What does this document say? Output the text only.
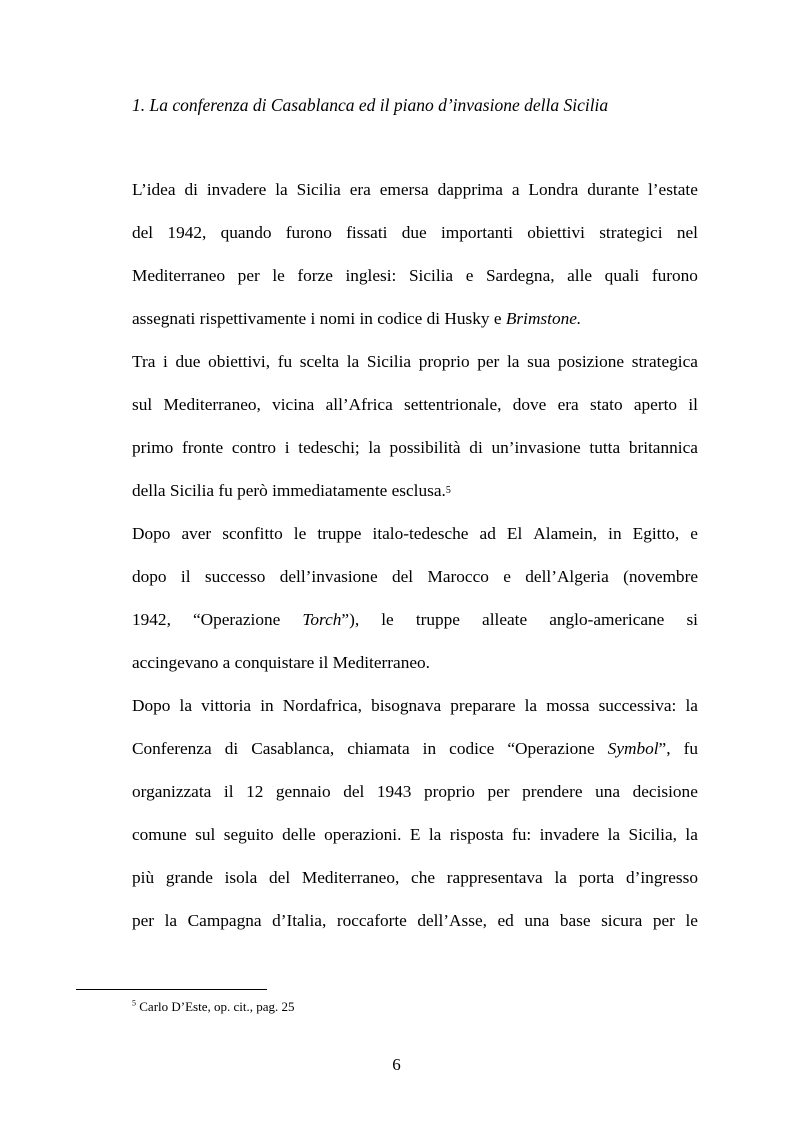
1. La conferenza di Casablanca ed il piano d’invasione della Sicilia
L’idea di invadere la Sicilia era emersa dapprima a Londra durante l’estate
del 1942, quando furono fissati due importanti obiettivi strategici nel
Mediterraneo per le forze inglesi: Sicilia e Sardegna, alle quali furono
assegnati rispettivamente i nomi in codice di Husky e Brimstone.
Tra i due obiettivi, fu scelta la Sicilia proprio per la sua posizione strategica
sul Mediterraneo, vicina all’Africa settentrionale, dove era stato aperto il
primo fronte contro i tedeschi; la possibilità di un’invasione tutta britannica
della Sicilia fu però immediatamente esclusa. 5
Dopo aver sconfitto le truppe italo-tedesche ad El Alamein, in Egitto, e
dopo il successo dell’invasione del Marocco e dell’Algeria (novembre
1942, “Operazione Torch”), le truppe alleate anglo-americane si
accingevano a conquistare il Mediterraneo.
Dopo la vittoria in Nordafrica, bisognava preparare la mossa successiva: la
Conferenza di Casablanca, chiamata in codice “Operazione Symbol”, fu
organizzata il 12 gennaio del 1943 proprio per prendere una decisione
comune sul seguito delle operazioni. E la risposta fu: invadere la Sicilia, la
più grande isola del Mediterraneo, che rappresentava la porta d’ingresso
per la Campagna d’Italia, roccaforte dell’Asse, ed una base sicura per le
$^5$ Carlo D’Este, op. cit., pag. 25
6
